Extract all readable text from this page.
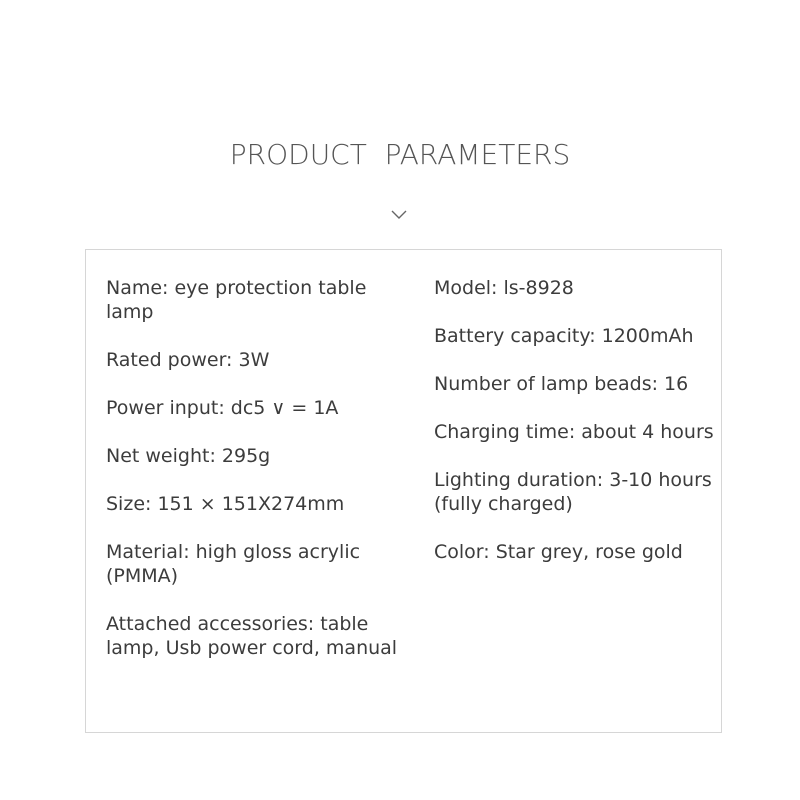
PRODUCT  PARAMETERS
Name: eye protection table lamp
Rated power: 3W
Power input: dc5 ∨ = 1A
Net weight: 295g
Size: 151 × 151X274mm
Material: high gloss acrylic (PMMA)
Attached accessories: table lamp, Usb power cord, manual
Model: ls-8928
Battery capacity: 1200mAh
Number of lamp beads: 16
Charging time: about 4 hours
Lighting duration: 3-10 hours (fully charged)
Color: Star grey, rose gold
